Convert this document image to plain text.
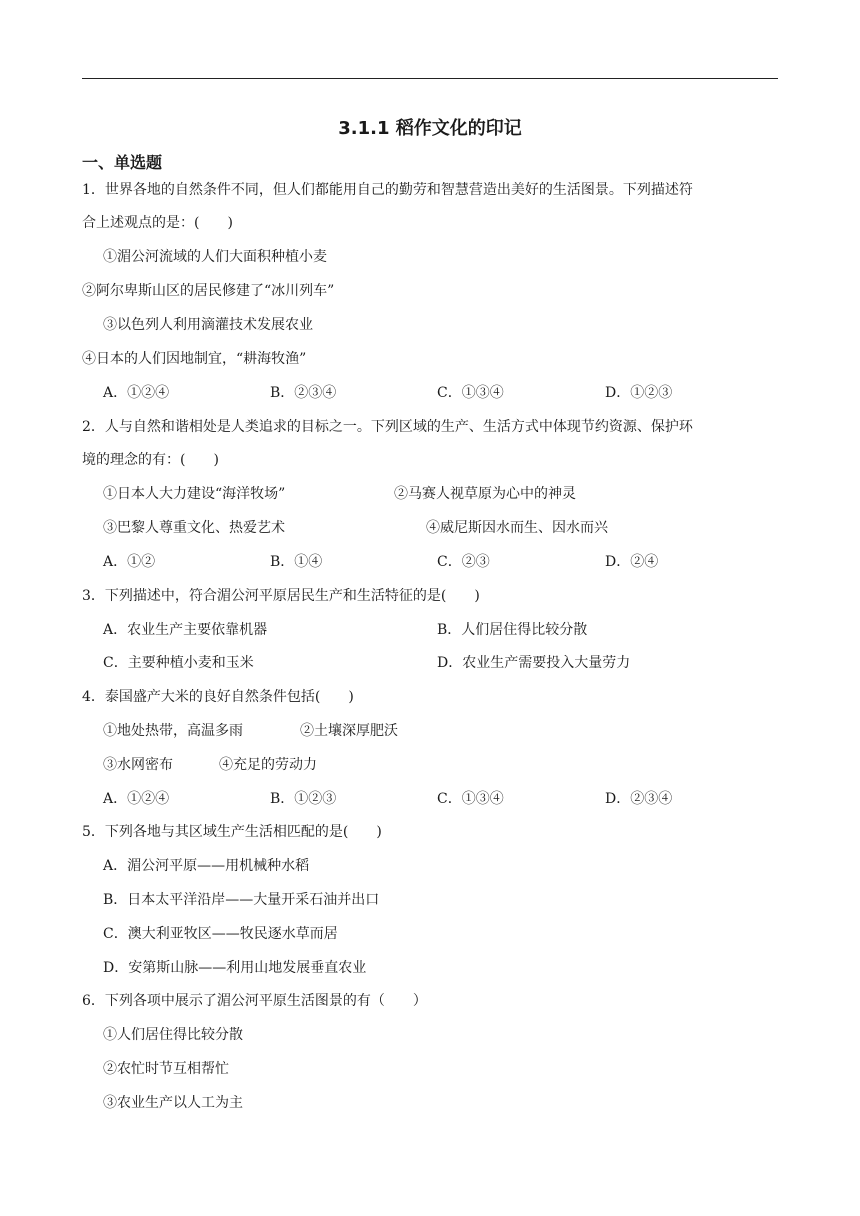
3.1.1 稻作文化的印记
一、单选题
1．世界各地的自然条件不同，但人们都能用自己的勤劳和智慧营造出美好的生活图景。下列描述符
合上述观点的是：(　　)
①湄公河流域的人们大面积种植小麦
②阿尔卑斯山区的居民修建了“冰川列车”
③以色列人利用滴灌技术发展农业
④日本的人们因地制宜，“耕海牧渔”
A．①②④	B．②③④	C．①③④	D．①②③
2．人与自然和谐相处是人类追求的目标之一。下列区域的生产、生活方式中体现节约资源、保护环
境的理念的有：(　　)
①日本人大力建设“海洋牧场”	②马赛人视草原为心中的神灵
③巴黎人尊重文化、热爱艺术	④威尼斯因水而生、因水而兴
A．①②	B．①④	C．②③	D．②④
3．下列描述中，符合湄公河平原居民生产和生活特征的是(　　)
A．农业生产主要依靠机器	B．人们居住得比较分散
C．主要种植小麦和玉米	D．农业生产需要投入大量劳力
4．泰国盛产大米的良好自然条件包括(　　)
①地处热带，高温多雨	②土壤深厚肥沃
③水网密布	④充足的劳动力
A．①②④	B．①②③	C．①③④	D．②③④
5．下列各地与其区域生产生活相匹配的是(　　)
A．湄公河平原——用机械种水稻
B．日本太平洋沿岸——大量开采石油并出口
C．澳大利亚牧区——牧民逐水草而居
D．安第斯山脉——利用山地发展垂直农业
6．下列各项中展示了湄公河平原生活图景的有（　　）
①人们居住得比较分散
②农忙时节互相帮忙
③农业生产以人工为主
